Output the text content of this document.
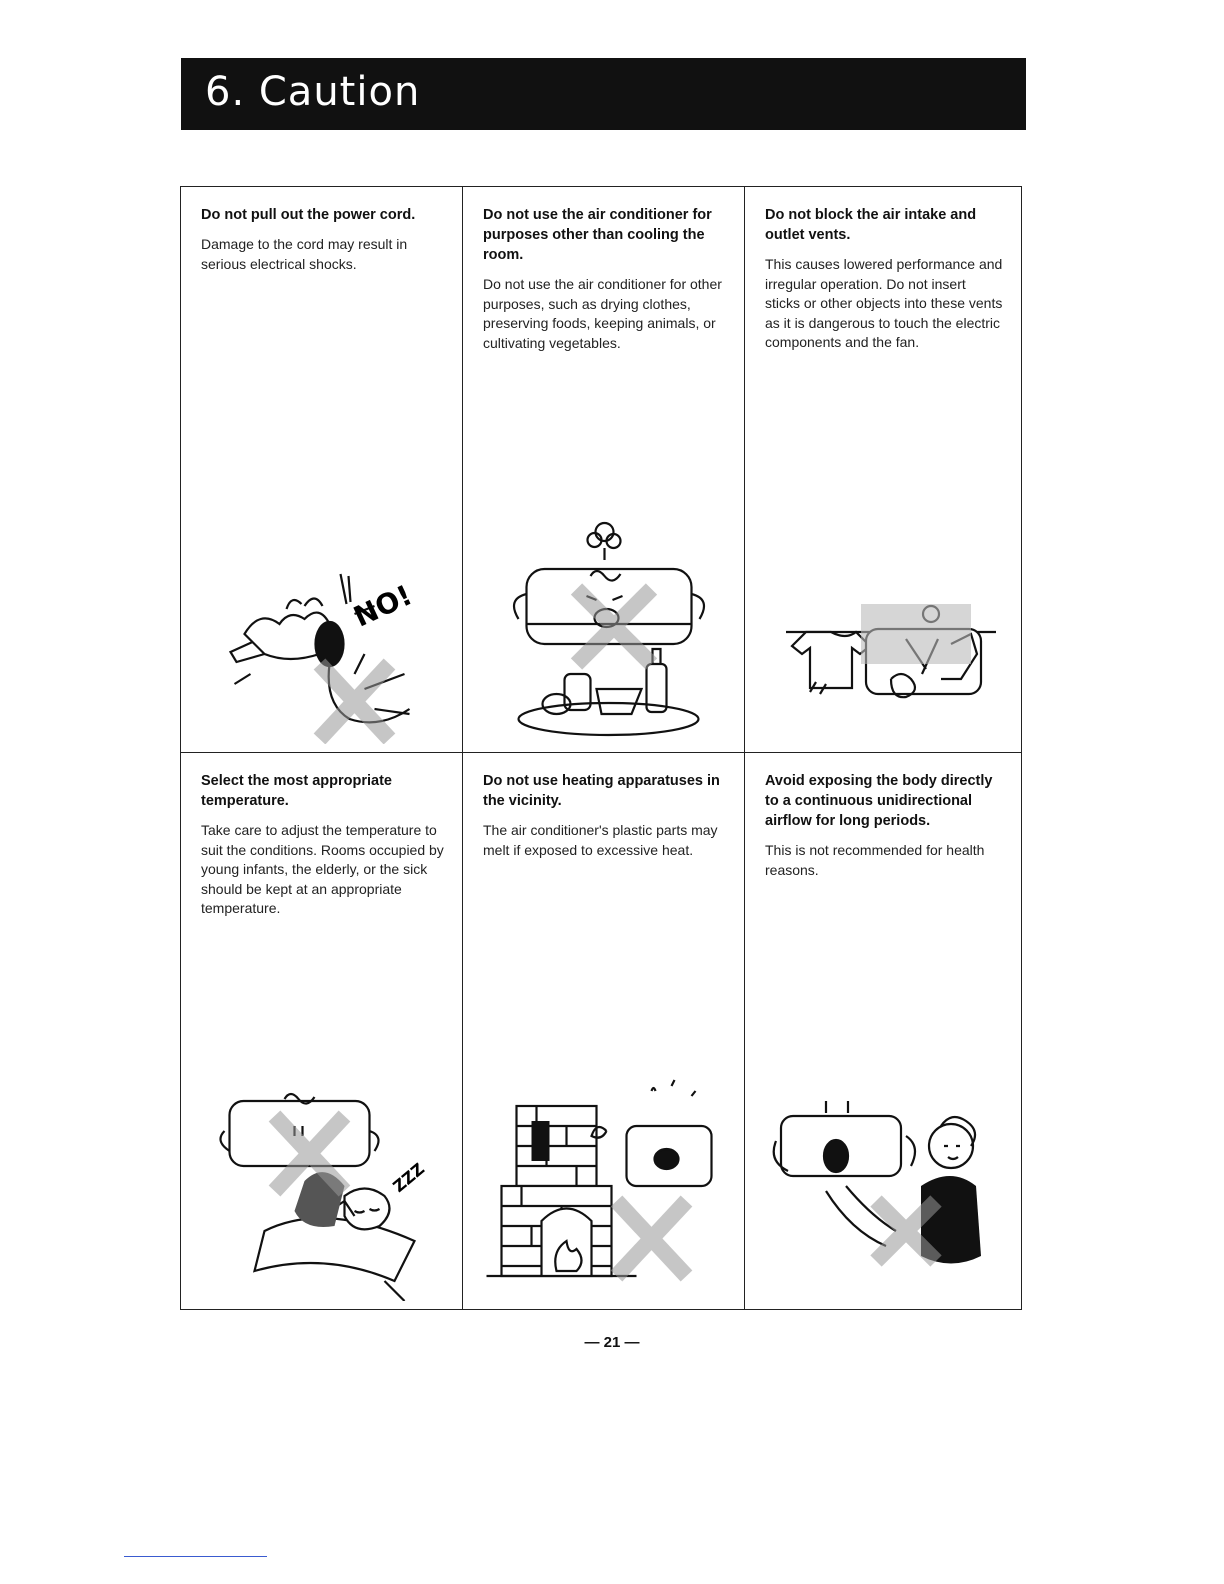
6. Caution

Do not pull out the power cord.

Damage to the cord may result in serious electrical shocks.

NO!

Do not use the air conditioner for purposes other than cooling the room.

Do not use the air conditioner for other purposes, such as drying clothes, preserving foods, keeping animals, or cultivating vegetables.

Do not block the air intake and outlet vents.

This causes lowered performance and irregular operation. Do not insert sticks or other objects into these vents as it is dangerous to touch the electric components and the fan.

Select the most appropriate temperature.

Take care to adjust the temperature to suit the conditions. Rooms occupied by young infants, the elderly, or the sick should be kept at an appropriate temperature.

ZZZ

Do not use heating apparatuses in the vicinity.

The air conditioner's plastic parts may melt if exposed to excessive heat.

Avoid exposing the body directly to a continuous unidirectional airflow for long periods.

This is not recommended for health reasons.

— 21 —
